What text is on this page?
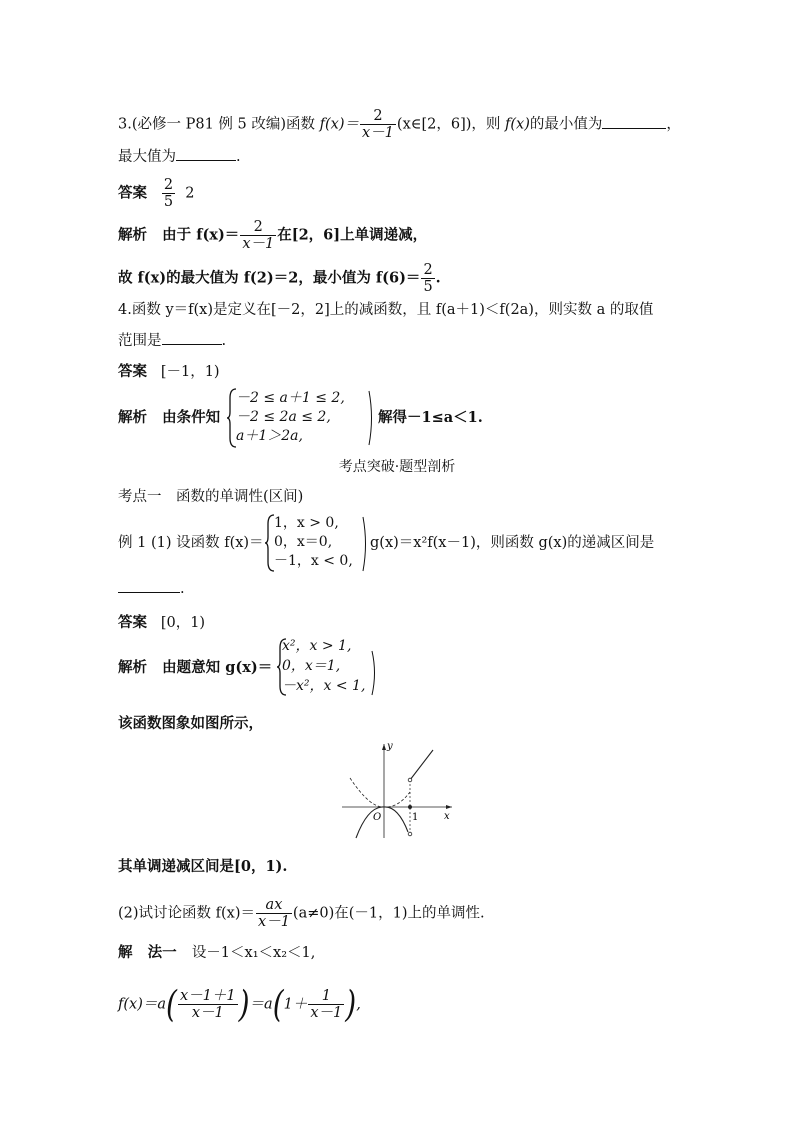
3.(必修一 P81 例 5 改编)函数 $f(x)= \frac{2}{x-1}$ (x∈[2，6])，则 f(x)的最小值为	，
最大值为	.
答案 $\frac{2}{5} 2$
解析 由于 $f(x)= \frac{2}{x-1}$ 在[2，6]上单调递减，
故 f(x)的最大值为 f(2)＝2，最小值为 $f(6)= \frac{2}{5}$ .
4.函数 y＝f(x)是定义在[－2，2]上的减函数，且 f(a＋1)＜f(2a)，则实数 a 的取值
范围是	.
答案 [－1，1)
解析 由条件知
－2 ≤ a＋1 ≤ 2,
－2 ≤ 2a ≤ 2,
a＋1＞2a,
解得－1≤a＜1.
考点突破·题型剖析
考点一　函数的单调性(区间)
例 1 (1) 设函数 f(x)＝
1，x > 0,
0，x＝0,
－1，x < 0,
g(x)＝x²f(x－1)，则函数 g(x)的递减区间是
.
答案 [0，1)
解析 由题意知 g(x)＝
x²，x > 1,
0，x＝1,
－x²，x < 1,
该函数图象如图所示，
y
x
O	1
其单调递减区间是[0，1).
(2)试讨论函数 $f(x)= \frac{ax}{x-1} (a\ne 0)$在(－1，1)上的单调性.
解 法一 设－1＜x₁＜x₂＜1,
$f(x)=a( \frac{x-1+1}{x-1} )=a(1+ \frac{1}{x-1}$ ),
